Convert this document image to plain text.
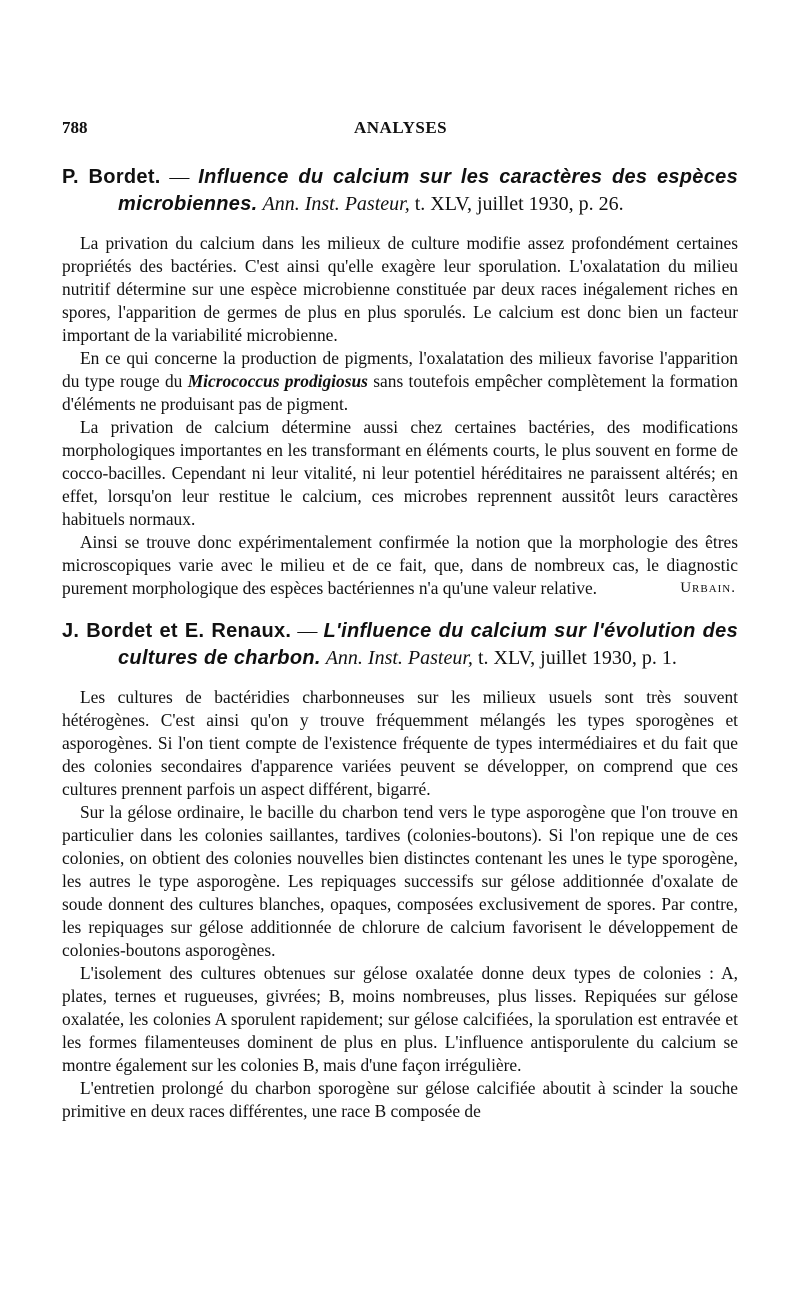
788	ANALYSES
P. Bordet. — Influence du calcium sur les caractères des espèces microbiennes. Ann. Inst. Pasteur, t. XLV, juillet 1930, p. 26.

La privation du calcium dans les milieux de culture modifie assez profondément certaines propriétés des bactéries. C'est ainsi qu'elle exagère leur sporulation. L'oxalatation du milieu nutritif détermine sur une espèce microbienne constituée par deux races inégalement riches en spores, l'apparition de germes de plus en plus sporulés. Le calcium est donc bien un facteur important de la variabilité microbienne.

En ce qui concerne la production de pigments, l'oxalatation des milieux favorise l'apparition du type rouge du Micrococcus prodigiosus sans toutefois empêcher complètement la formation d'éléments ne produisant pas de pigment.

La privation de calcium détermine aussi chez certaines bactéries, des modifications morphologiques importantes en les transformant en éléments courts, le plus souvent en forme de cocco-bacilles. Cependant ni leur vitalité, ni leur potentiel héréditaires ne paraissent altérés; en effet, lorsqu'on leur restitue le calcium, ces microbes reprennent aussitôt leurs caractères habituels normaux.

Ainsi se trouve donc expérimentalement confirmée la notion que la morphologie des êtres microscopiques varie avec le milieu et de ce fait, que, dans de nombreux cas, le diagnostic purement morphologique des espèces bactériennes n'a qu'une valeur relative.	Urbain.

J. Bordet et E. Renaux. — L'influence du calcium sur l'évolution des cultures de charbon. Ann. Inst. Pasteur, t. XLV, juillet 1930, p. 1.

Les cultures de bactéridies charbonneuses sur les milieux usuels sont très souvent hétérogènes. C'est ainsi qu'on y trouve fréquemment mélangés les types sporogènes et asporogènes. Si l'on tient compte de l'existence fréquente de types intermédiaires et du fait que des colonies secondaires d'apparence variées peuvent se développer, on comprend que ces cultures prennent parfois un aspect différent, bigarré.

Sur la gélose ordinaire, le bacille du charbon tend vers le type asporogène que l'on trouve en particulier dans les colonies saillantes, tardives (colonies-boutons). Si l'on repique une de ces colonies, on obtient des colonies nouvelles bien distinctes contenant les unes le type sporogène, les autres le type asporogène. Les repiquages successifs sur gélose additionnée d'oxalate de soude donnent des cultures blanches, opaques, composées exclusivement de spores. Par contre, les repiquages sur gélose additionnée de chlorure de calcium favorisent le développement de colonies-boutons asporogènes.

L'isolement des cultures obtenues sur gélose oxalatée donne deux types de colonies : A, plates, ternes et rugueuses, givrées; B, moins nombreuses, plus lisses. Repiquées sur gélose oxalatée, les colonies A sporulent rapidement; sur gélose calcifiées, la sporulation est entravée et les formes filamenteuses dominent de plus en plus. L'influence antisporulente du calcium se montre également sur les colonies B, mais d'une façon irrégulière.

L'entretien prolongé du charbon sporogène sur gélose calcifiée aboutit à scinder la souche primitive en deux races différentes, une race B composée de
